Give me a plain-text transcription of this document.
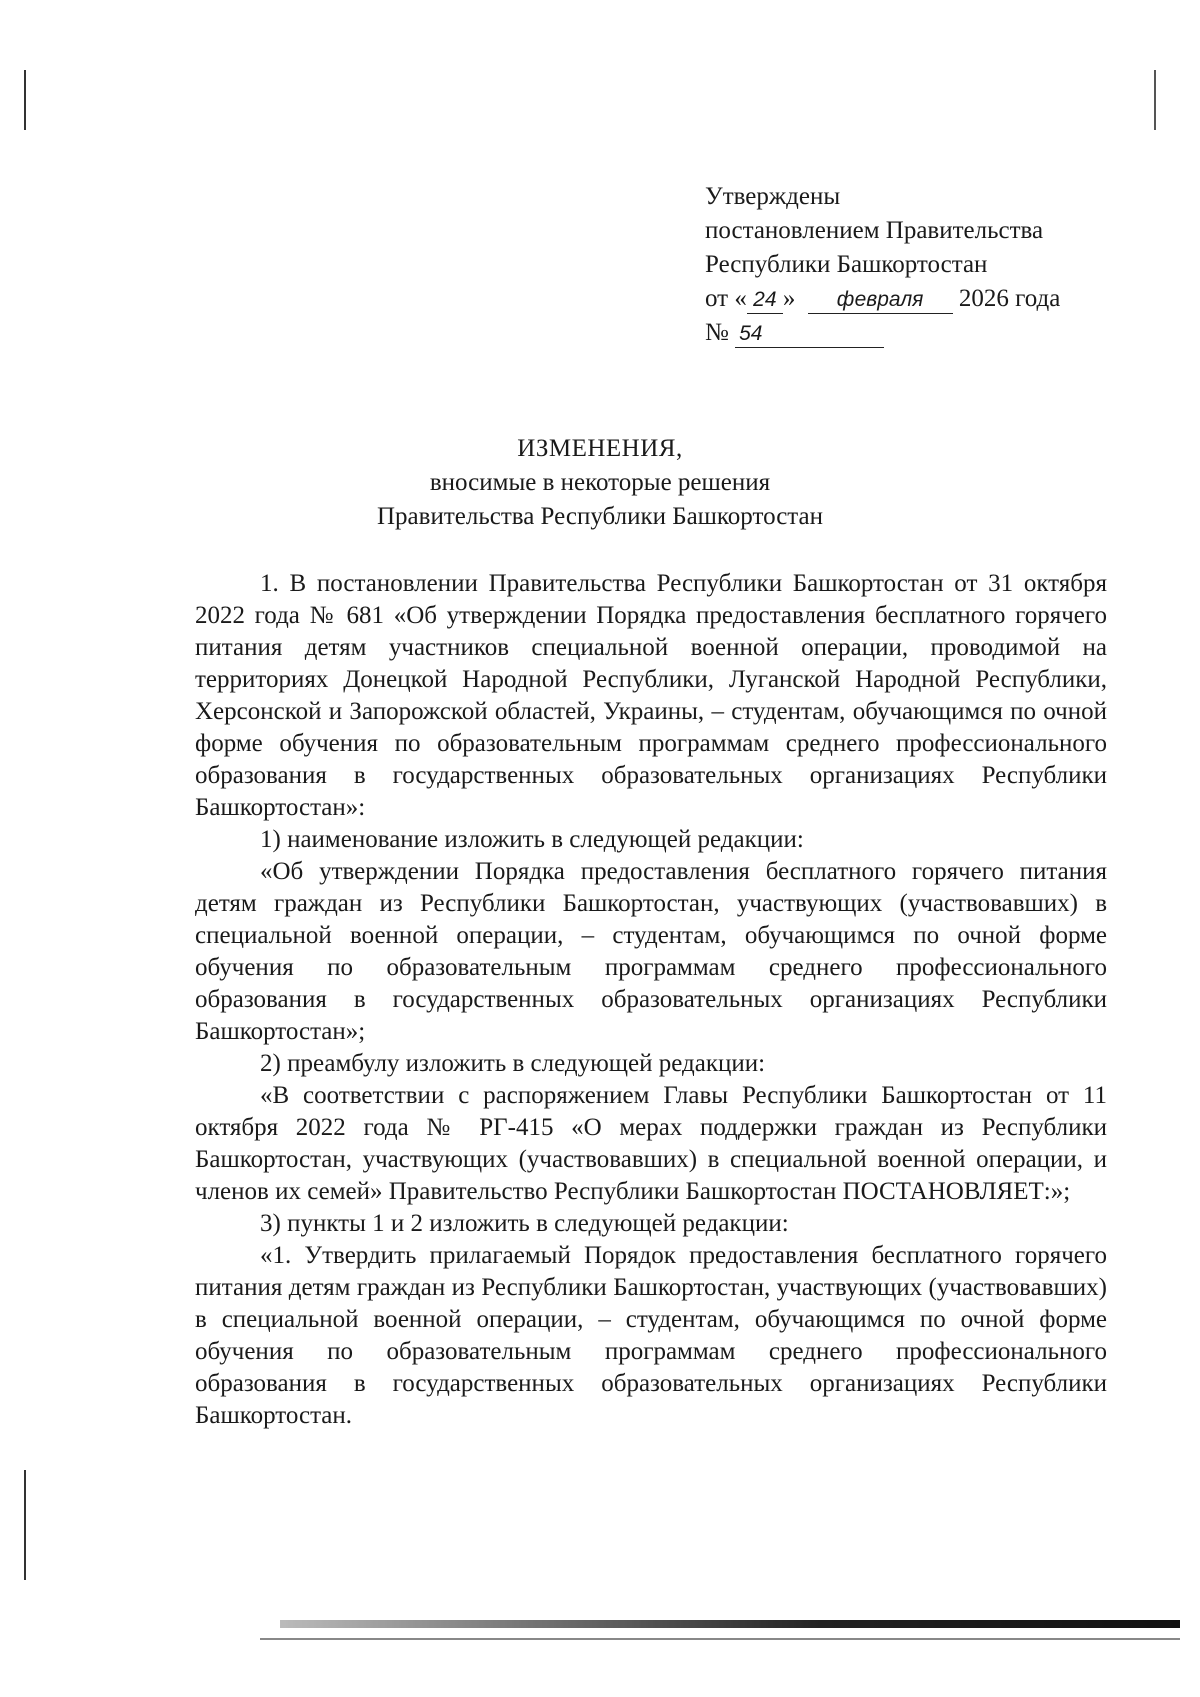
Утверждены
постановлением Правительства
Республики Башкортостан
от « 24 » февраля 2026 года
№ 54
ИЗМЕНЕНИЯ,
вносимые в некоторые решения
Правительства Республики Башкортостан

1. В постановлении Правительства Республики Башкортостан от 31 октября 2022 года № 681 «Об утверждении Порядка предоставления бесплатного горячего питания детям участников специальной военной операции, проводимой на территориях Донецкой Народной Республики, Луганской Народной Республики, Херсонской и Запорожской областей, Украины, – студентам, обучающимся по очной форме обучения по образовательным программам среднего профессионального образования в государственных образовательных организациях Республики Башкортостан»:

1) наименование изложить в следующей редакции:

«Об утверждении Порядка предоставления бесплатного горячего питания детям граждан из Республики Башкортостан, участвующих (участвовавших) в специальной военной операции, – студентам, обучающимся по очной форме обучения по образовательным программам среднего профессионального образования в государственных образовательных организациях Республики Башкортостан»;

2) преамбулу изложить в следующей редакции:

«В соответствии с распоряжением Главы Республики Башкортостан от 11 октября 2022 года № РГ-415 «О мерах поддержки граждан из Республики Башкортостан, участвующих (участвовавших) в специальной военной операции, и членов их семей» Правительство Республики Башкортостан ПОСТАНОВЛЯЕТ:»;

3) пункты 1 и 2 изложить в следующей редакции:

«1. Утвердить прилагаемый Порядок предоставления бесплатного горячего питания детям граждан из Республики Башкортостан, участвующих (участвовавших) в специальной военной операции, – студентам, обучающимся по очной форме обучения по образовательным программам среднего профессионального образования в государственных образовательных организациях Республики Башкортостан.
